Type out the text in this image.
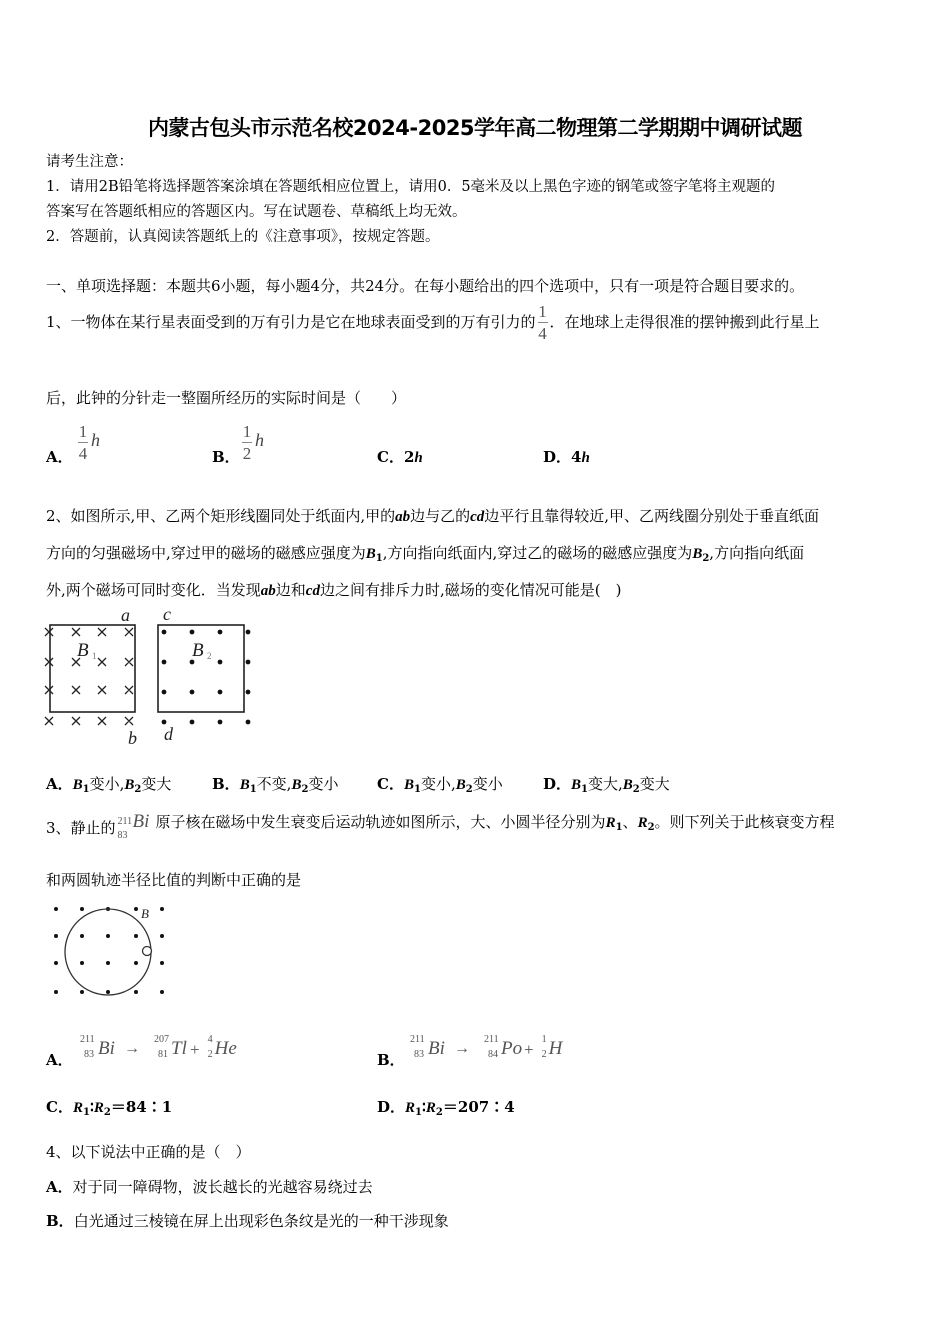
内蒙古包头市示范名校2024-2025学年高二物理第二学期期中调研试题
请考生注意：
1．请用2B铅笔将选择题答案涂填在答题纸相应位置上，请用0．5毫米及以上黑色字迹的钢笔或签字笔将主观题的
答案写在答题纸相应的答题区内。写在试题卷、草稿纸上均无效。
2．答题前，认真阅读答题纸上的《注意事项》，按规定答题。
一、单项选择题：本题共6小题，每小题4分，共24分。在每小题给出的四个选项中，只有一项是符合题目要求的。
1、一物体在某行星表面受到的万有引力是它在地球表面受到的万有引力的 $\frac{1}{4}$ ．在地球上走得很准的摆钟搬到此行星上
后，此钟的分针走一整圈所经历的实际时间是（　　）
A． $\frac{1}{4}$ h
B． $\frac{1}{2}$ h
C．2h	D．4h
2、如图所示,甲、乙两个矩形线圈同处于纸面内,甲的ab边与乙的cd边平行且靠得较近,甲、乙两线圈分别处于垂直纸面
方向的匀强磁场中,穿过甲的磁场的磁感应强度为$B_1$,方向指向纸面内,穿过乙的磁场的磁感应强度为$B_2$,方向指向纸面
外,两个磁场可同时变化．当发现ab边和cd边之间有排斥力时,磁场的变化情况可能是(　)
a
b
c
d
B 1	B 2
A．$B_1$变小$,B_2$变大	B．$B_1$不变$,B_2$变小	C．$B_1$变小$,B_2$变小	D．$B_1$变大$,B_2$变大
3、静止的 211
83
Bi 原子核在磁场中发生衰变后运动轨迹如图所示，大、小圆半径分别为$R_1$、$R_2$。则下列关于此核衰变方程
和两圆轨迹半径比值的判断中正确的是
B
A．
211
83 Bi →
207
81 Tl +
4
2 He
B．
211
83 Bi →
211
84 Po +
1
2 H
C．$R_1∶R_2=84∶1$	D．$R_1∶R_2=207∶4$
4、以下说法中正确的是（　）
A．对于同一障碍物，波长越长的光越容易绕过去
B．白光通过三棱镜在屏上出现彩色条纹是光的一种干涉现象
